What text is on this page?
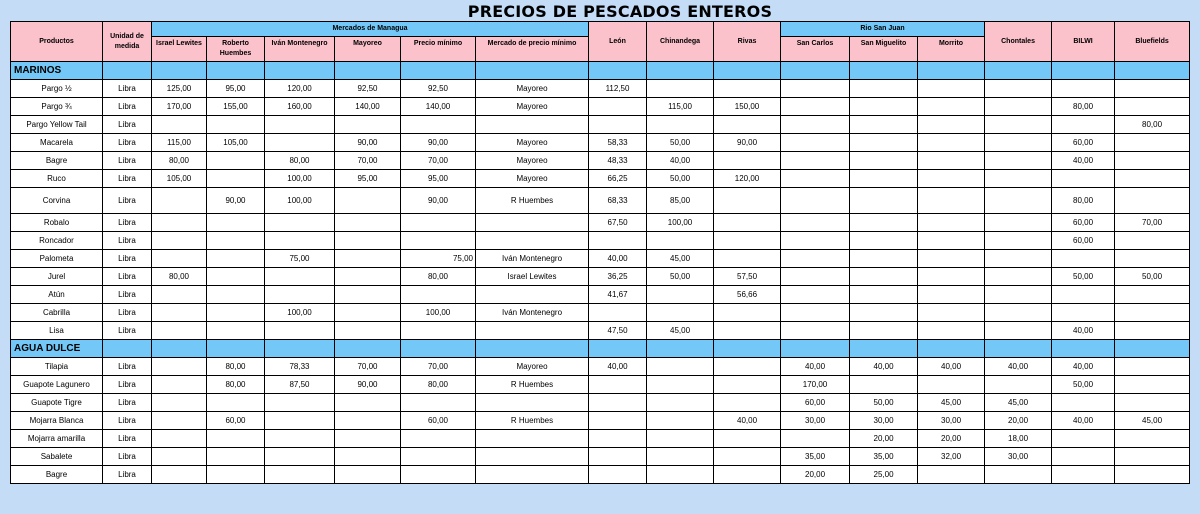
PRECIOS DE PESCADOS ENTEROS
Productos	Unidad de medida	Mercados de Managua						León	Chinandega	Rivas	Rio San Juan			Chontales	BILWI	Bluefields
		Israel Lewites	Roberto Huembes	Iván Montenegro	Mayoreo	Precio mínimo	Mercado de precio mínimo				San Carlos	San Miguelito	Morrito			
MARINOS																
Pargo ½	Libra	125,00	95,00	120,00	92,50	92,50	Mayoreo	112,50								
Pargo ¾	Libra	170,00	155,00	160,00	140,00	140,00	Mayoreo		115,00	150,00					80,00	
Pargo Yellow Tail	Libra															80,00
Macarela	Libra	115,00	105,00		90,00	90,00	Mayoreo	58,33	50,00	90,00					60,00	
Bagre	Libra	80,00		80,00	70,00	70,00	Mayoreo	48,33	40,00						40,00	
Ruco	Libra	105,00		100,00	95,00	95,00	Mayoreo	66,25	50,00	120,00						
Corvina	Libra		90,00	100,00		90,00	R Huembes	68,33	85,00						80,00	
Robalo	Libra							67,50	100,00						60,00	70,00
Roncador	Libra														60,00	
Palometa	Libra			75,00		75,00	Iván Montenegro	40,00	45,00							
Jurel	Libra	80,00				80,00	Israel Lewites	36,25	50,00	57,50					50,00	50,00
Atún	Libra							41,67		56,66						
Cabrilla	Libra			100,00		100,00	Iván Montenegro									
Lisa	Libra							47,50	45,00						40,00	
AGUA DULCE																
Tilapia	Libra		80,00	78,33	70,00	70,00	Mayoreo	40,00			40,00	40,00	40,00	40,00	40,00	
Guapote Lagunero	Libra		80,00	87,50	90,00	80,00	R Huembes				170,00				50,00	
Guapote Tigre	Libra										60,00	50,00	45,00	45,00		
Mojarra Blanca	Libra		60,00			60,00	R Huembes			40,00	30,00	30,00	30,00	20,00	40,00	45,00
Mojarra amarilla	Libra											20,00	20,00	18,00		
Sabalete	Libra										35,00	35,00	32,00	30,00		
Bagre	Libra										20,00	25,00				
